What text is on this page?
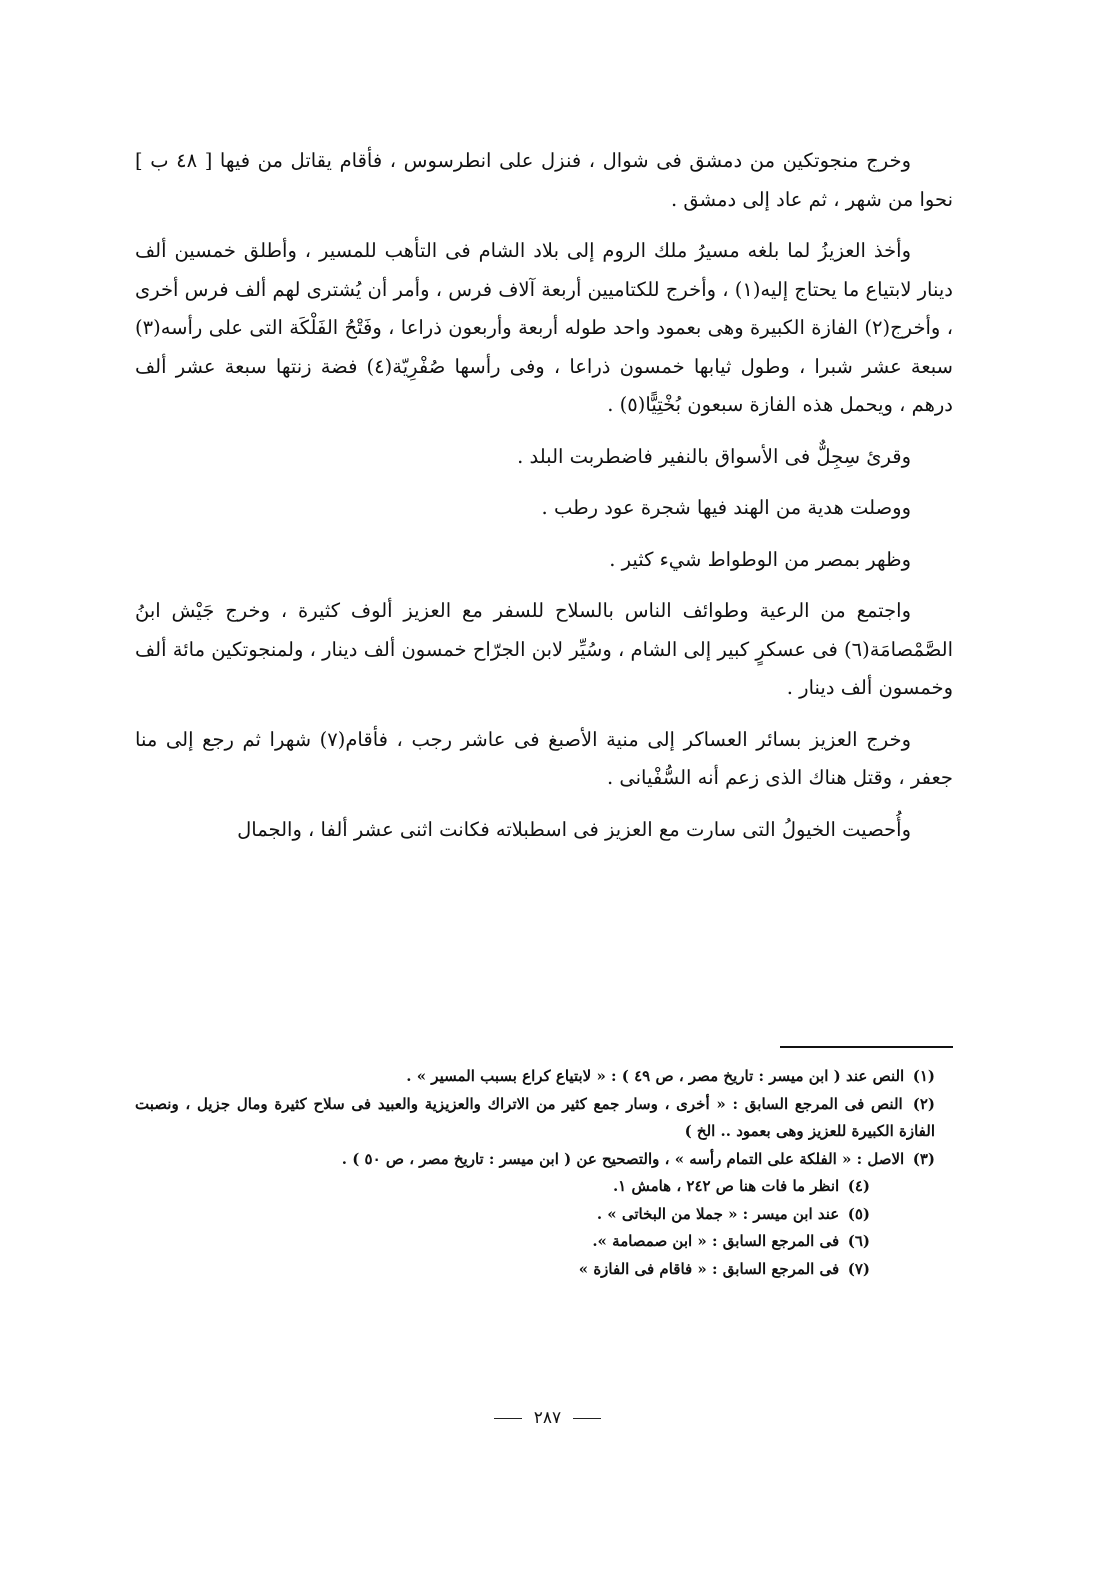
وخرج منجوتكين من دمشق فى شوال ، فنزل على انطرسوس ، فأقام يقاتل من فيها [ ٤٨ ب ] نحوا من شهر ، ثم عاد إلى دمشق .

وأخذ العزيزُ لما بلغه مسيرُ ملك الروم إلى بلاد الشام فى التأهب للمسير ، وأطلق خمسين ألف دينار لابتياع ما يحتاج إليه(١) ، وأخرج للكتاميين أربعة آلاف فرس ، وأمر أن يُشترى لهم ألف فرس أخرى ، وأخرج(٢) الفازة الكبيرة وهى بعمود واحد طوله أربعة وأربعون ذراعا ، وفَتْحُ الفَلْكَة التى على رأسه(٣) سبعة عشر شبرا ، وطول ثيابها خمسون ذراعا ، وفى رأسها صُفْرِيّة(٤) فضة زنتها سبعة عشر ألف درهم ، ويحمل هذه الفازة سبعون بُخْتِيًّا(٥) .

وقرئ سِجِلٌّ فى الأسواق بالنفير فاضطربت البلد .

ووصلت هدية من الهند فيها شجرة عود رطب .

وظهر بمصر من الوطواط شيء كثير .

واجتمع من الرعية وطوائف الناس بالسلاح للسفر مع العزيز ألوف كثيرة ، وخرج جَيْش ابنُ الصَّمْصامَة(٦) فى عسكرٍ كبير إلى الشام ، وسُيِّر لابن الجرّاح خمسون ألف دينار ، ولمنجوتكين مائة ألف وخمسون ألف دينار .

وخرج العزيز بسائر العساكر إلى منية الأصبغ فى عاشر رجب ، فأقام(٧) شهرا ثم رجع إلى منا جعفر ، وقتل هناك الذى زعم أنه السُّفْيانى .

وأُحصيت الخيولُ التى سارت مع العزيز فى اسطبلاته فكانت اثنى عشر ألفا ، والجمال

(١) النص عند ( ابن ميسر : تاريخ مصر ، ص ٤٩ ) : « لابتياع كراع بسبب المسير » .

(٢) النص فى المرجع السابق : « أخرى ، وسار جمع كثير من الاتراك والعزيزية والعبيد فى سلاح كثيرة ومال جزيل ، ونصبت الفازة الكبيرة للعزيز وهى بعمود .. الخ )

(٣) الاصل : « الفلكة على التمام رأسه » ، والتصحيح عن ( ابن ميسر : تاريخ مصر ، ص ٥٠ ) .

(٤) انظر ما فات هنا ص ٢٤٢ ، هامش ١.

(٥) عند ابن ميسر : « جملا من البخاتى » .

(٦) فى المرجع السابق : « ابن صمصامة ».

(٧) فى المرجع السابق : « فاقام فى الفازة »

٢٨٧
